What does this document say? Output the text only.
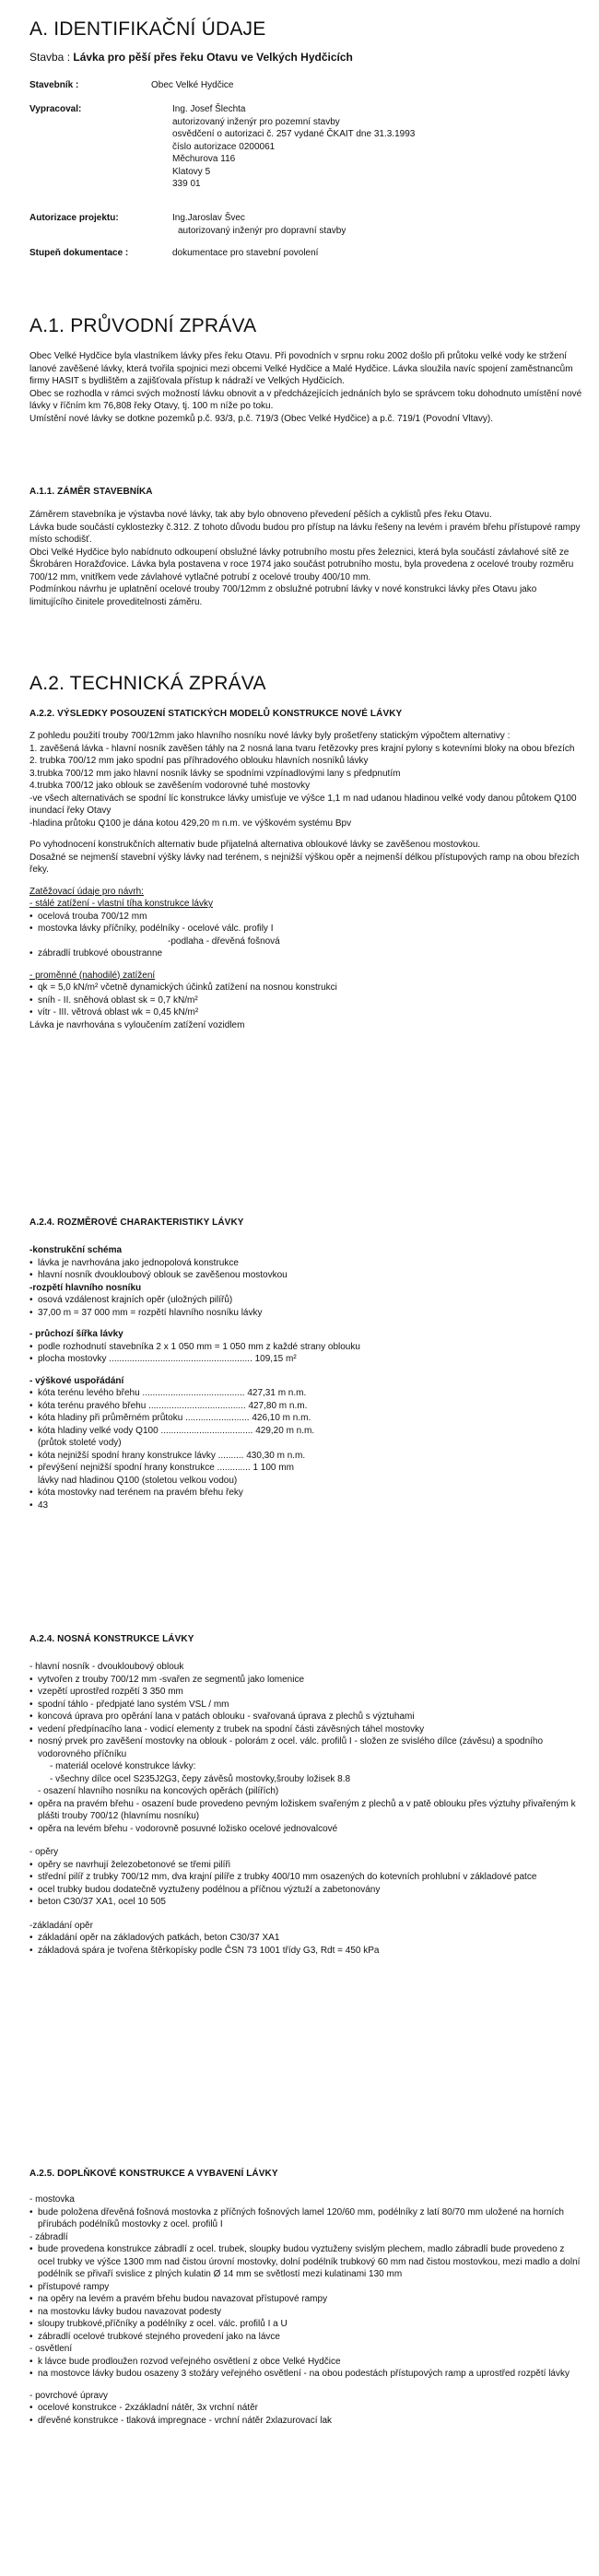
A. IDENTIFIKAČNÍ ÚDAJE
Stavba : Lávka pro pěší přes řeku Otavu ve Velkých Hydčicích
Stavebník :	Obec Velké Hydčice
Vypracoval:	Ing. Josef Šlechta
autorizovaný inženýr pro pozemní stavby
osvědčení o autorizaci č. 257 vydané ČKAIT dne 31.3.1993
číslo autorizace 0200061
Měchurova 116
Klatovy 5
339 01
Autorizace projektu:	Ing.Jaroslav Švec
autorizovaný inženýr pro dopravní stavby
Stupeň dokumentace :	dokumentace pro stavební povolení
A.1. PRŮVODNÍ ZPRÁVA

Obec Velké Hydčice byla vlastníkem lávky přes řeku Otavu. Při povodních v srpnu roku 2002 došlo při průtoku velké vody ke stržení lanové zavěšené lávky, která tvořila spojnici mezi obcemi Velké Hydčice a Malé Hydčice. Lávka sloužila navíc spojení zaměstnancům firmy HASIT s bydlištěm a zajišťovala přístup k nádraží ve Velkých Hydčicích.

Obec se rozhodla v rámci svých možností lávku obnovit a v předcházejících jednáních bylo se správcem toku dohodnuto umístění nové lávky v říčním km 76,808 řeky Otavy, tj. 100 m níže po toku.

Umístění nové lávky se dotkne pozemků p.č. 93/3, p.č. 719/3 (Obec Velké Hydčice) a p.č. 719/1 (Povodní Vltavy).

A.1.1. ZÁMĚR STAVEBNÍKA

Záměrem stavebníka je výstavba nové lávky, tak aby bylo obnoveno převedení pěších a cyklistů přes řeku Otavu.

Lávka bude součástí cyklostezky č.312. Z tohoto důvodu budou pro přístup na lávku řešeny na levém i pravém břehu přístupové rampy místo schodišť.

Obci Velké Hydčice bylo nabídnuto odkoupení obslužné lávky potrubního mostu přes železnici, která byla součástí závlahové sítě ze Škrobáren Horažďovice. Lávka byla postavena v roce 1974 jako součást potrubního mostu, byla provedena z ocelové trouby rozměru 700/12 mm, vnitřkem vede závlahové vytlačné potrubí z ocelové trouby 400/10 mm.

Podmínkou návrhu je uplatnění ocelové trouby 700/12mm z obslužné potrubní lávky v nové konstrukci lávky přes Otavu jako limitujícího činitele proveditelnosti záměru.

A.2. TECHNICKÁ ZPRÁVA
A.2.2. VÝSLEDKY POSOUZENÍ STATICKÝCH MODELŮ KONSTRUKCE NOVÉ LÁVKY

Z pohledu použití trouby 700/12mm jako hlavního nosníku nové lávky byly prošetřeny statickým výpočtem alternativy :

1. zavěšená lávka - hlavní nosník zavěšen táhly na 2 nosná lana tvaru řetězovky pres krajní pylony s kotevními bloky na obou březích
2. trubka 700/12 mm jako spodní pas příhradového oblouku hlavních nosníků lávky
3.trubka 700/12 mm jako hlavní nosník lávky se spodními vzpínadlovými lany s předpnutím
4.trubka 700/12 jako oblouk se zavěšením vodorovné tuhé mostovky
-ve všech alternativách se spodní líc konstrukce lávky umisťuje ve výšce 1,1 m nad udanou hladinou velké vody danou půtokem Q100 inundací řeky Otavy
-hladina průtoku Q100 je dána kotou 429,20 m n.m. ve výškovém systému Bpv

Po vyhodnocení konstrukčních alternativ bude přijatelná alternativa obloukové lávky se zavěšenou mostovkou.

Dosažné se nejmenší stavební výšky lávky nad terénem, s nejnižší výškou opěr a nejmenší délkou přístupových ramp na obou březích řeky.

Zatěžovací údaje pro návrh:

- stálé zatížení - vlastní tíha konstrukce lávky

• ocelová trouba 700/12 mm
• mostovka lávky příčníky, podélníky - ocelové válc. profily I
-podlaha - dřevěná fošnová
• zábradlí trubkové oboustranne

- proměnné (nahodilé) zatížení

• qk = 5,0 kN/m² včetně dynamických účinků zatížení na nosnou konstrukci
• sníh - II. sněhová oblast sk = 0,7 kN/m²
• vítr - III. větrová oblast wk = 0,45 kN/m²

Lávka je navrhována s vyloučením zatížení vozidlem

A.2.4. ROZMĚROVÉ CHARAKTERISTIKY LÁVKY

-konstrukční schéma

• lávka je navrhována jako jednopolová konstrukce
• hlavní nosník dvoukloubový oblouk se zavěšenou mostovkou

-rozpětí hlavního nosníku

• osová vzdálenost krajních opěr (uložných pilířů)
• 37,00 m = 37 000 mm = rozpětí hlavního nosníku lávky

- průchozí šířka lávky

• podle rozhodnutí stavebníka 2 x 1 050 mm = 1 050 mm z každé strany oblouku
• plocha mostovky ........................................................ 109,15 m²

- výškové uspořádání

• kóta terénu levého břehu ........................................ 427,31 m n.m.
• kóta terénu pravého břehu ...................................... 427,80 m n.m.
• kóta hladiny při průměrném průtoku ......................... 426,10 m n.m.
• kóta hladiny velké vody Q100 .................................... 429,20 m n.m.
(průtok stoleté vody)
• kóta nejnižší spodní hrany konstrukce lávky .......... 430,30 m n.m.
• převýšení nejnižší spodní hrany konstrukce ............. 1 100 mm
lávky nad hladinou Q100 (stoletou velkou vodou)
• kóta mostovky nad terénem na pravém břehu řeky
• 43
A.2.4. NOSNÁ KONSTRUKCE LÁVKY

- hlavní nosník - dvoukloubový oblouk

• vytvořen z trouby 700/12 mm -svařen ze segmentů jako lomenice
• vzepětí uprostřed rozpětí 3 350 mm
• spodní táhlo - předpjaté lano systém VSL / mm
• koncová úprava pro opěrání lana v patách oblouku - svařovaná úprava z plechů s výztuhami
• vedení předpínacího lana - vodicí elementy z trubek na spodní části závěsných táhel mostovky
• nosný prvek pro zavěšení mostovky na oblouk - polorám z ocel. válc. profilů I - složen ze svislého dílce (závěsu) a spodního vodorovného příčníku
- materiál ocelové konstrukce lávky:
- všechny dílce ocel S235J2G3, čepy závěsů mostovky,šrouby ložisek 8.8
- osazení hlavního nosníku na koncových opěrách (pilířích)
• opěra na pravém břehu - osazení bude provedeno pevným ložiskem svařeným z plechů a v patě oblouku přes výztuhy přivařeným k plášti trouby 700/12 (hlavnímu nosníku)
• opěra na levém břehu - vodorovně posuvné ložisko ocelové jednovalcové

- opěry

• opěry se navrhují železobetonové se třemi pilíři
• střední pilíř z trubky 700/12 mm, dva krajní pilíře z trubky 400/10 mm osazených do kotevních prohlubní v základové patce
• ocel trubky budou dodatečně vyztuženy podélnou a příčnou výztuží a zabetonovány
• beton C30/37 XA1, ocel 10 505

-základání opěr

• základání opěr na základových patkách, beton C30/37 XA1
• základová spára je tvořena štěrkopísky podle ČSN 73 1001 třídy G3, Rdt = 450 kPa
A.2.5. DOPLŇKOVÉ KONSTRUKCE A VYBAVENÍ LÁVKY

- mostovka

• bude položena dřevěná fošnová mostovka z příčných fošnových lamel 120/60 mm, podélníky z latí 80/70 mm uložené na horních přírubách podélníků mostovky z ocel. profilů I

- zábradlí

• bude provedena konstrukce zábradlí z ocel. trubek, sloupky budou vyztuženy svislým plechem, madlo zábradlí bude provedeno z ocel trubky ve výšce 1300 mm nad čistou úrovní mostovky, dolní podélník trubkový 60 mm nad čistou mostovkou, mezi madlo a dolní podélník se přivaří svislice z plných kulatin Ø 14 mm se světlostí mezi kulatinami 130 mm
• přístupové rampy
• na opěry na levém a pravém břehu budou navazovat přístupové rampy
• na mostovku lávky budou navazovat podesty
• sloupy trubkové,příčníky a podélníky z ocel. válc. profilů I a U
• zábradlí ocelové trubkové stejného provedení jako na lávce

- osvětlení

• k lávce bude prodloužen rozvod veřejného osvětlení z obce Velké Hydčice
• na mostovce lávky budou osazeny 3 stožáry veřejného osvětlení - na obou podestách přístupových ramp a uprostřed rozpětí lávky

- povrchové úpravy

• ocelové konstrukce - 2xzákladní nátěr, 3x vrchní nátěr
• dřevěné konstrukce - tlaková impregnace - vrchní nátěr 2xlazurovací lak
